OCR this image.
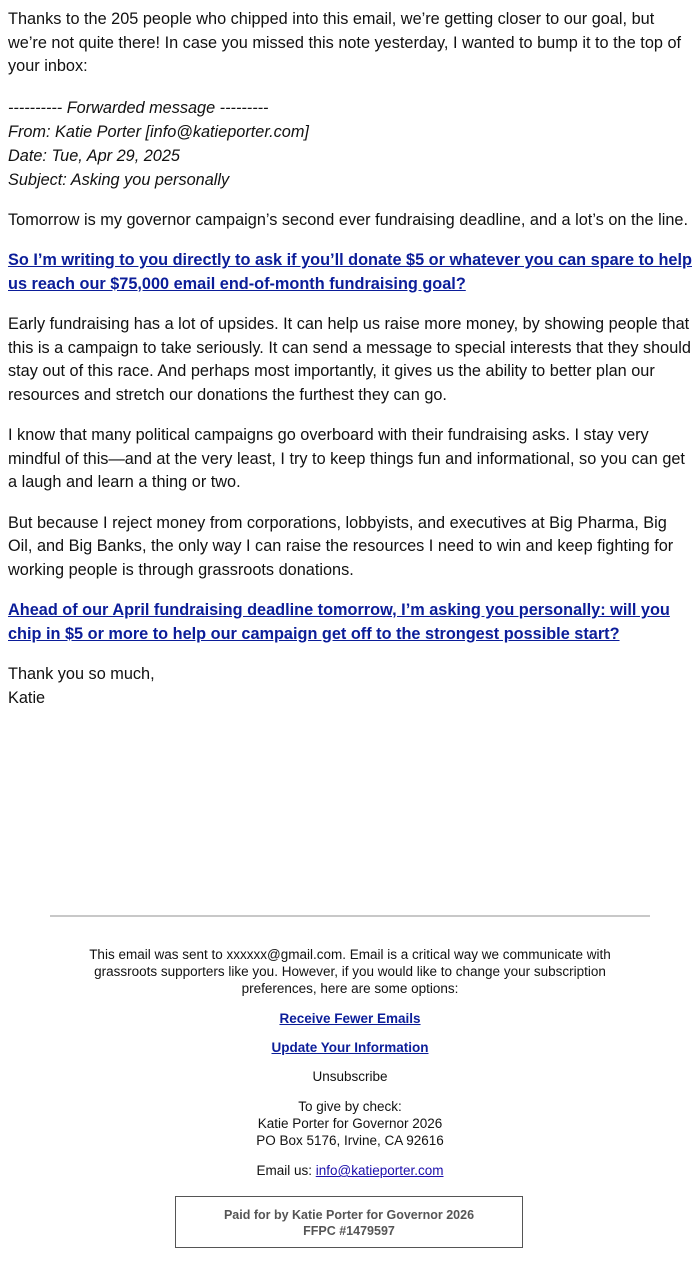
Thanks to the 205 people who chipped into this email, we’re getting closer to our goal, but we’re not quite there! In case you missed this note yesterday, I wanted to bump it to the top of your inbox:

---------- Forwarded message ---------
From: Katie Porter [info@katieporter.com]
Date: Tue, Apr 29, 2025
Subject: Asking you personally

Tomorrow is my governor campaign’s second ever fundraising deadline, and a lot’s on the line.

So I’m writing to you directly to ask if you’ll donate $5 or whatever you can spare to help us reach our $75,000 email end-of-month fundraising goal?

Early fundraising has a lot of upsides. It can help us raise more money, by showing people that this is a campaign to take seriously. It can send a message to special interests that they should stay out of this race. And perhaps most importantly, it gives us the ability to better plan our resources and stretch our donations the furthest they can go.

I know that many political campaigns go overboard with their fundraising asks. I stay very mindful of this—and at the very least, I try to keep things fun and informational, so you can get a laugh and learn a thing or two.

But because I reject money from corporations, lobbyists, and executives at Big Pharma, Big Oil, and Big Banks, the only way I can raise the resources I need to win and keep fighting for working people is through grassroots donations.

Ahead of our April fundraising deadline tomorrow, I’m asking you personally: will you chip in $5 or more to help our campaign get off to the strongest possible start?

Thank you so much,
Katie
This email was sent to xxxxxx@gmail.com. Email is a critical way we communicate with grassroots supporters like you. However, if you would like to change your subscription preferences, here are some options:
Receive Fewer Emails
Update Your Information
Unsubscribe
To give by check:
Katie Porter for Governor 2026
PO Box 5176, Irvine, CA 92616
Email us: info@katieporter.com
Paid for by Katie Porter for Governor 2026
FFPC #1479597
